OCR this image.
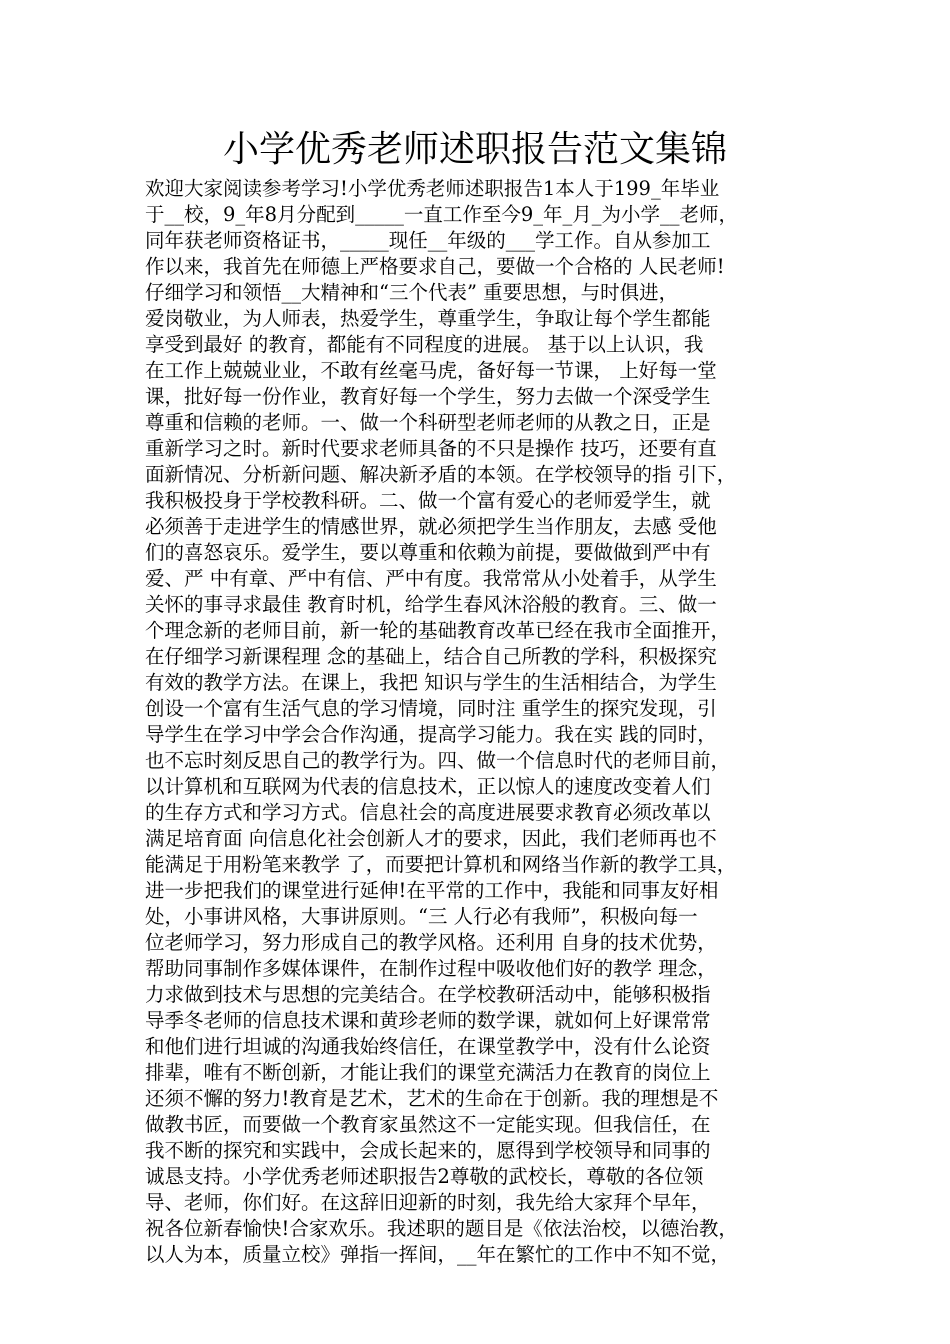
小学优秀老师述职报告范文集锦
欢迎大家阅读参考学习!小学优秀老师述职报告1本人于199_年毕业
于__校，9_年8月分配到_____一直工作至今9_年_月_为小学__老师，
同年获老师资格证书，_____现任__年级的___学工作。自从参加工
作以来，我首先在师德上严格要求自己，要做一个合格的 人民老师!
仔细学习和领悟__大精神和“三个代表” 重要思想，与时俱进，
爱岗敬业，为人师表，热爱学生，尊重学生，争取让每个学生都能
享受到最好 的教育，都能有不同程度的进展。 基于以上认识，我
在工作上兢兢业业，不敢有丝毫马虎，备好每一节课， 上好每一堂
课，批好每一份作业，教育好每一个学生，努力去做一个深受学生
尊重和信赖的老师。一、做一个科研型老师老师的从教之日，正是
重新学习之时。新时代要求老师具备的不只是操作 技巧，还要有直
面新情况、分析新问题、解决新矛盾的本领。在学校领导的指 引下，
我积极投身于学校教科研。二、做一个富有爱心的老师爱学生，就
必须善于走进学生的情感世界，就必须把学生当作朋友，去感 受他
们的喜怒哀乐。爱学生，要以尊重和依赖为前提，要做做到严中有
爱、严 中有章、严中有信、严中有度。我常常从小处着手，从学生
关怀的事寻求最佳 教育时机，给学生春风沐浴般的教育。三、做一
个理念新的老师目前，新一轮的基础教育改革已经在我市全面推开，
在仔细学习新课程理 念的基础上，结合自己所教的学科，积极探究
有效的教学方法。在课上，我把 知识与学生的生活相结合，为学生
创设一个富有生活气息的学习情境，同时注 重学生的探究发现，引
导学生在学习中学会合作沟通，提高学习能力。我在实 践的同时，
也不忘时刻反思自己的教学行为。四、做一个信息时代的老师目前，
以计算机和互联网为代表的信息技术，正以惊人的速度改变着人们
的生存方式和学习方式。信息社会的高度进展要求教育必须改革以
满足培育面 向信息化社会创新人才的要求，因此，我们老师再也不
能满足于用粉笔来教学 了，而要把计算机和网络当作新的教学工具，
进一步把我们的课堂进行延伸!在平常的工作中，我能和同事友好相
处，小事讲风格，大事讲原则。“三 人行必有我师”，积极向每一
位老师学习，努力形成自己的教学风格。还利用 自身的技术优势，
帮助同事制作多媒体课件，在制作过程中吸收他们好的教学 理念，
力求做到技术与思想的完美结合。在学校教研活动中，能够积极指
导季冬老师的信息技术课和黄珍老师的数学课，就如何上好课常常
和他们进行坦诚的沟通我始终信任，在课堂教学中，没有什么论资
排辈，唯有不断创新，才能让我们的课堂充满活力在教育的岗位上
还须不懈的努力!教育是艺术，艺术的生命在于创新。我的理想是不
做教书匠，而要做一个教育家虽然这不一定能实现。但我信任，在
我不断的探究和实践中，会成长起来的，愿得到学校领导和同事的
诚恳支持。小学优秀老师述职报告2尊敬的武校长，尊敬的各位领
导、老师，你们好。在这辞旧迎新的时刻，我先给大家拜个早年，
祝各位新春愉快!合家欢乐。我述职的题目是《依法治校，以德治教，
以人为本，质量立校》弹指一挥间，__年在繁忙的工作中不知不觉，
